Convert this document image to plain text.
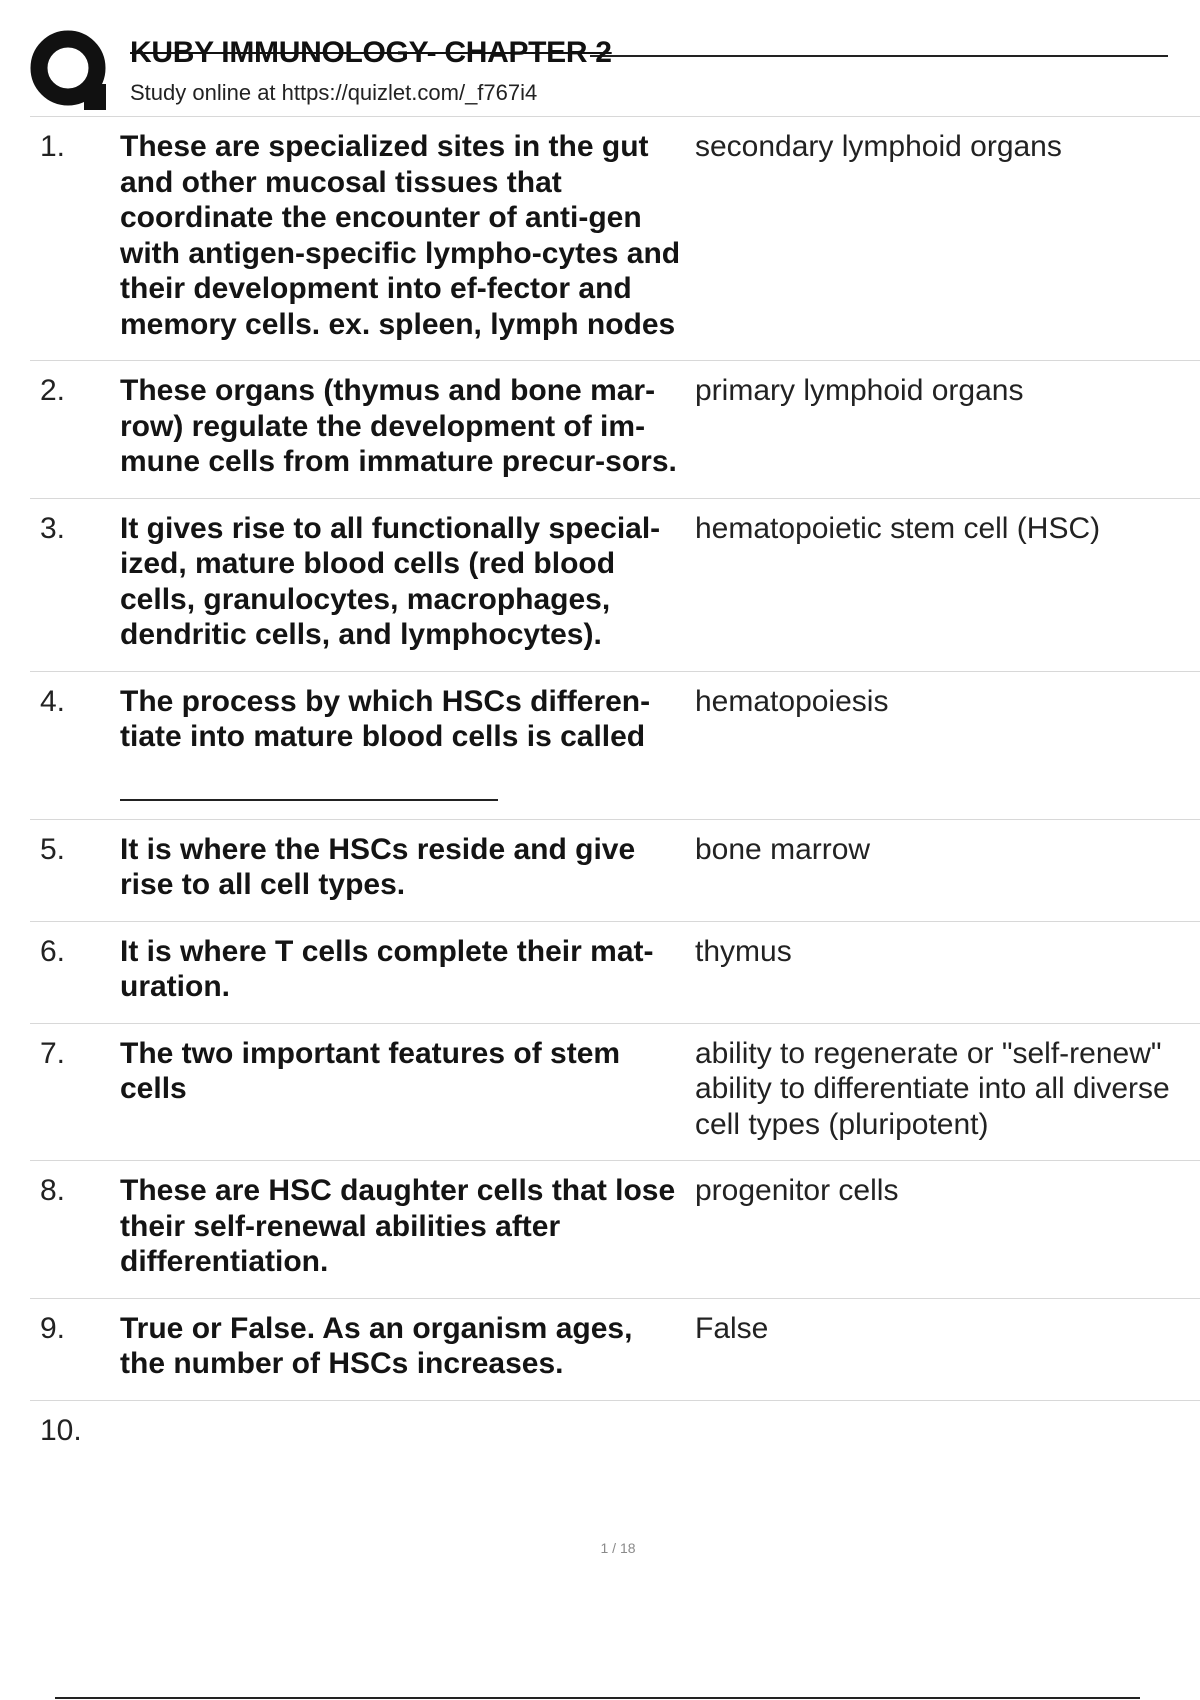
KUBY IMMUNOLOGY- CHAPTER 2
Study online at https://quizlet.com/_f767i4
1.	These are specialized sites in the gut and other mucosal tissues that coordinate the encounter of anti-gen with antigen-specific lympho-cytes and their development into ef-fector and memory cells. ex. spleen, lymph nodes
secondary lymphoid organs
2.	These organs (thymus and bone mar-row) regulate the development of im-mune cells from immature precur-sors.
primary lymphoid organs
3.	It gives rise to all functionally special-ized, mature blood cells (red blood cells, granulocytes, macrophages, dendritic cells, and lymphocytes).
hematopoietic stem cell (HSC)
4.	The process by which HSCs differen-tiate into mature blood cells is called
hematopoiesis
5.	It is where the HSCs reside and give rise to all cell types.
bone marrow
6.	It is where T cells complete their mat-uration.
thymus
7.	The two important features of stem cells
ability to regenerate or "self-renew" ability to differentiate into all diverse cell types (pluripotent)
8.	These are HSC daughter cells that lose their self-renewal abilities after differentiation.
progenitor cells
9.	True or False. As an organism ages, the number of HSCs increases.
False
10.
1 / 18
